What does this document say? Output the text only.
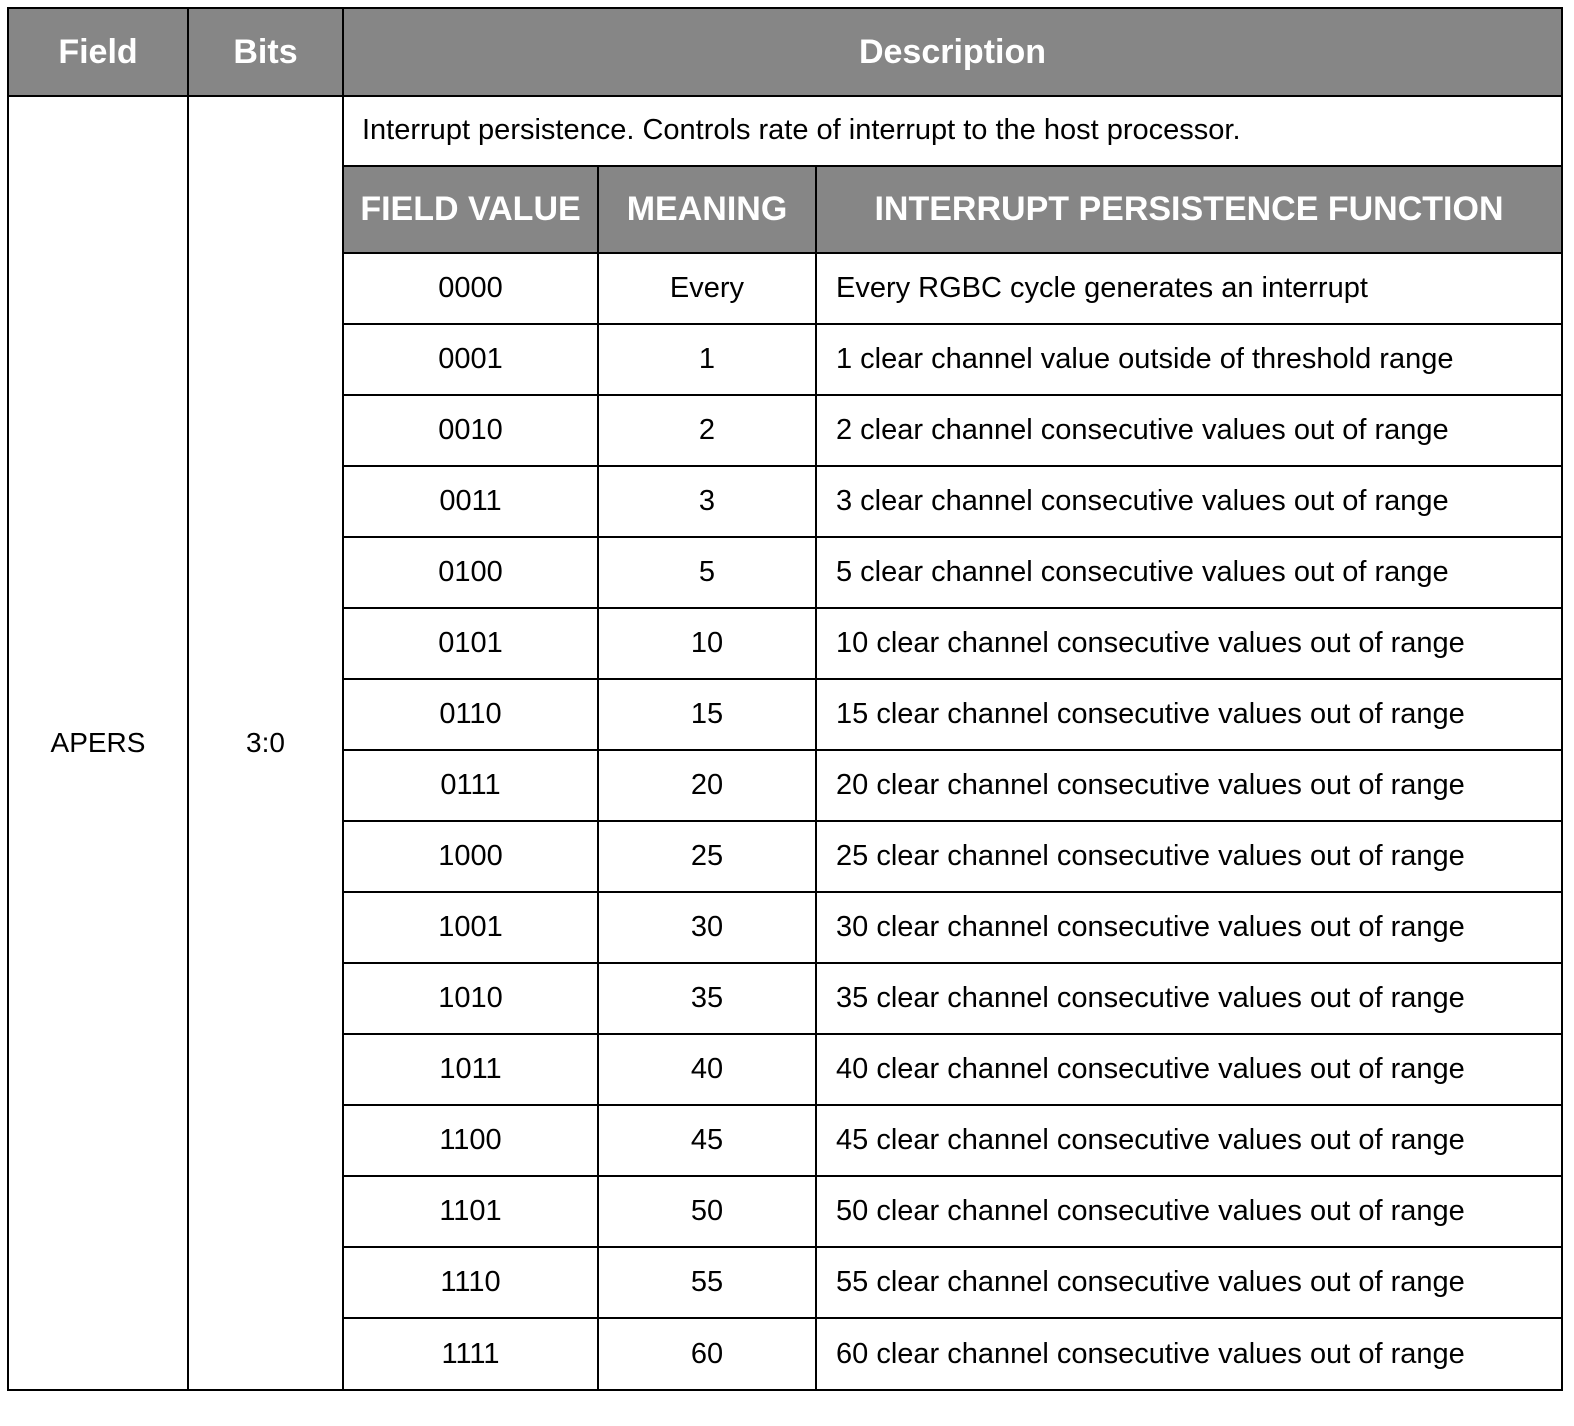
Field	Bits	Description
APERS	3:0	
Interrupt persistence. Controls rate of interrupt to the host processor.
FIELD VALUE	MEANING	INTERRUPT PERSISTENCE FUNCTION
0000	Every	Every RGBC cycle generates an interrupt
0001	1	1 clear channel value outside of threshold range
0010	2	2 clear channel consecutive values out of range
0011	3	3 clear channel consecutive values out of range
0100	5	5 clear channel consecutive values out of range
0101	10	10 clear channel consecutive values out of range
0110	15	15 clear channel consecutive values out of range
0111	20	20 clear channel consecutive values out of range
1000	25	25 clear channel consecutive values out of range
1001	30	30 clear channel consecutive values out of range
1010	35	35 clear channel consecutive values out of range
1011	40	40 clear channel consecutive values out of range
1100	45	45 clear channel consecutive values out of range
1101	50	50 clear channel consecutive values out of range
1110	55	55 clear channel consecutive values out of range
1111	60	60 clear channel consecutive values out of range
